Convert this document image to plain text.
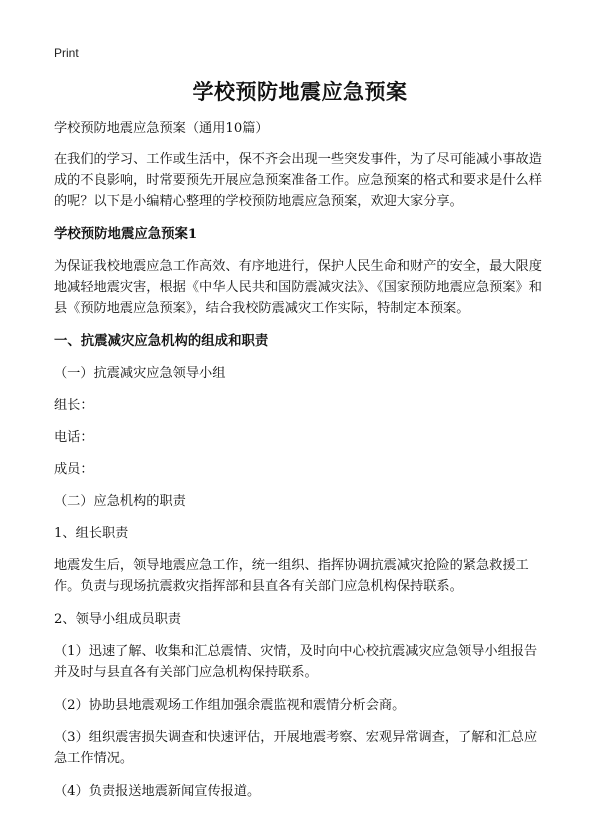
Print
学校预防地震应急预案

学校预防地震应急预案（通用10篇）

在我们的学习、工作或生活中，保不齐会出现一些突发事件，为了尽可能减小事故造成的不良影响，时常要预先开展应急预案准备工作。应急预案的格式和要求是什么样的呢？以下是小编精心整理的学校预防地震应急预案，欢迎大家分享。

学校预防地震应急预案1

为保证我校地震应急工作高效、有序地进行，保护人民生命和财产的安全，最大限度地减轻地震灾害，根据《中华人民共和国防震减灾法》、《国家预防地震应急预案》和县《预防地震应急预案》，结合我校防震减灾工作实际，特制定本预案。

一、抗震减灾应急机构的组成和职责

（一）抗震减灾应急领导小组

组长：

电话：

成员：

（二）应急机构的职责

1、组长职责

地震发生后，领导地震应急工作，统一组织、指挥协调抗震减灾抢险的紧急救援工作。负责与现场抗震救灾指挥部和县直各有关部门应急机构保持联系。

2、领导小组成员职责

（1）迅速了解、收集和汇总震情、灾情，及时向中心校抗震减灾应急领导小组报告并及时与县直各有关部门应急机构保持联系。

（2）协助县地震观场工作组加强余震监视和震情分析会商。

（3）组织震害损失调查和快速评估，开展地震考察、宏观异常调查，了解和汇总应急工作情况。

（4）负责报送地震新闻宣传报道。
